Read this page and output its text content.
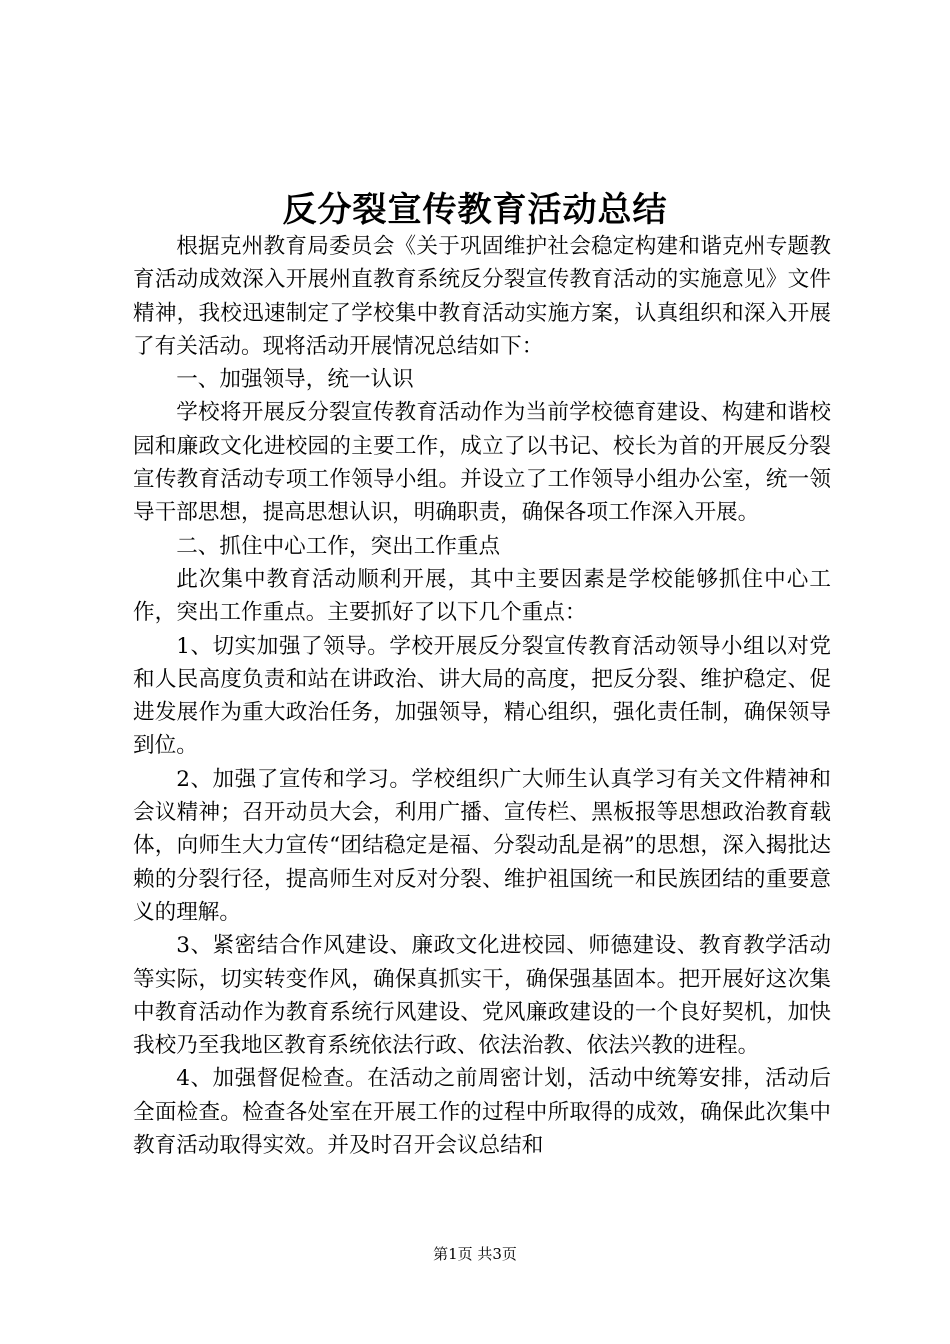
反分裂宣传教育活动总结

根据克州教育局委员会《关于巩固维护社会稳定构建和谐克州专题教育活动成效深入开展州直教育系统反分裂宣传教育活动的实施意见》文件精神，我校迅速制定了学校集中教育活动实施方案，认真组织和深入开展了有关活动。现将活动开展情况总结如下：

一、加强领导，统一认识

学校将开展反分裂宣传教育活动作为当前学校德育建设、构建和谐校园和廉政文化进校园的主要工作，成立了以书记、校长为首的开展反分裂宣传教育活动专项工作领导小组。并设立了工作领导小组办公室，统一领导干部思想，提高思想认识，明确职责，确保各项工作深入开展。

二、抓住中心工作，突出工作重点

此次集中教育活动顺利开展，其中主要因素是学校能够抓住中心工作，突出工作重点。主要抓好了以下几个重点：

1、切实加强了领导。学校开展反分裂宣传教育活动领导小组以对党和人民高度负责和站在讲政治、讲大局的高度，把反分裂、维护稳定、促进发展作为重大政治任务，加强领导，精心组织，强化责任制，确保领导到位。

2、加强了宣传和学习。学校组织广大师生认真学习有关文件精神和会议精神；召开动员大会，利用广播、宣传栏、黑板报等思想政治教育载体，向师生大力宣传“团结稳定是福、分裂动乱是祸”的思想，深入揭批达赖的分裂行径，提高师生对反对分裂、维护祖国统一和民族团结的重要意义的理解。

3、紧密结合作风建设、廉政文化进校园、师德建设、教育教学活动等实际，切实转变作风，确保真抓实干，确保强基固本。把开展好这次集中教育活动作为教育系统行风建设、党风廉政建设的一个良好契机，加快我校乃至我地区教育系统依法行政、依法治教、依法兴教的进程。

4、加强督促检查。在活动之前周密计划，活动中统筹安排，活动后全面检查。检查各处室在开展工作的过程中所取得的成效，确保此次集中教育活动取得实效。并及时召开会议总结和

第1页 共3页
